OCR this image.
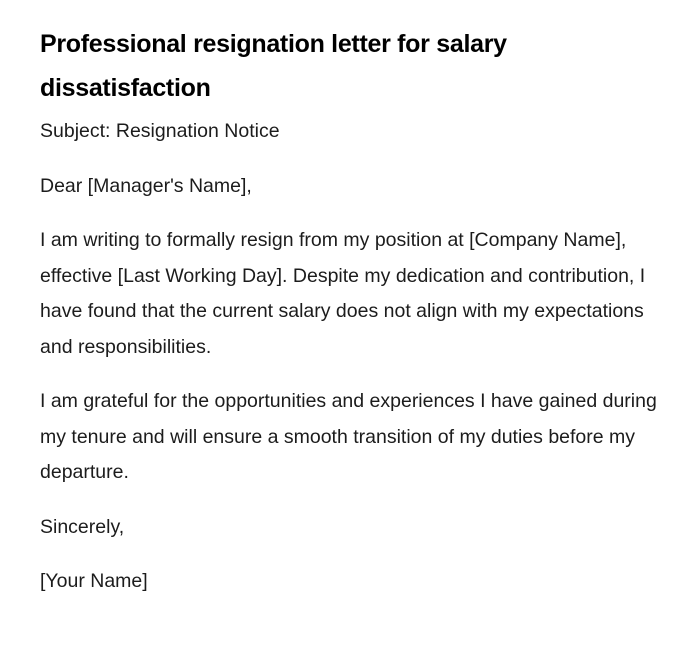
Professional resignation letter for salary dissatisfaction

Subject: Resignation Notice

Dear [Manager's Name],

I am writing to formally resign from my position at [Company Name], effective [Last Working Day]. Despite my dedication and contribution, I have found that the current salary does not align with my expectations and responsibilities.

I am grateful for the opportunities and experiences I have gained during my tenure and will ensure a smooth transition of my duties before my departure.

Sincerely,

[Your Name]
